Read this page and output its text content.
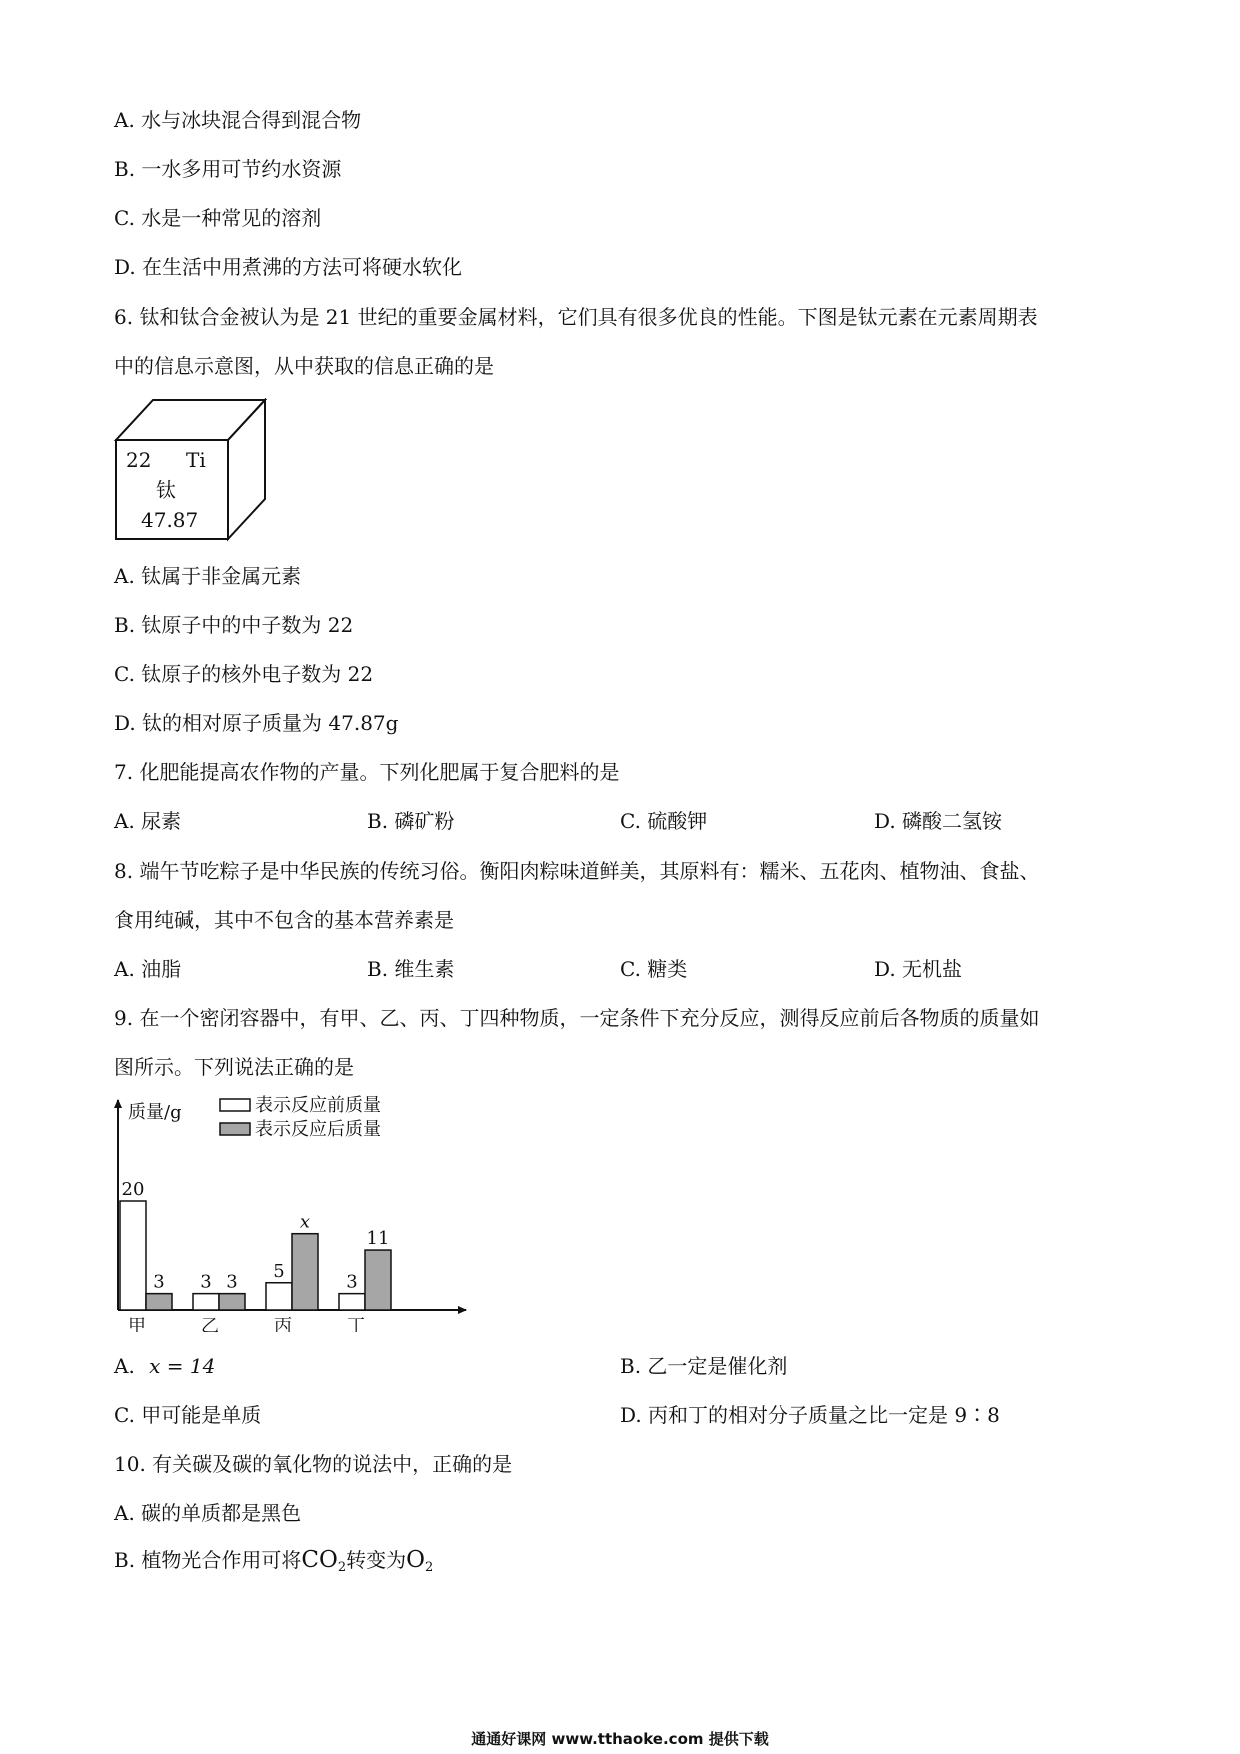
A. 水与冰块混合得到混合物
B. 一水多用可节约水资源
C. 水是一种常见的溶剂
D. 在生活中用煮沸的方法可将硬水软化
6. 钛和钛合金被认为是 21 世纪的重要金属材料，它们具有很多优良的性能。下图是钛元素在元素周期表
中的信息示意图，从中获取的信息正确的是
22 Ti
钛
47.87
A. 钛属于非金属元素
B. 钛原子中的中子数为 22
C. 钛原子的核外电子数为 22
D. 钛的相对原子质量为 47.87g
7. 化肥能提高农作物的产量。下列化肥属于复合肥料的是
A. 尿素	B. 磷矿粉	C. 硫酸钾	D. 磷酸二氢铵
8. 端午节吃粽子是中华民族的传统习俗。衡阳肉粽味道鲜美，其原料有：糯米、五花肉、植物油、食盐、
食用纯碱，其中不包含的基本营养素是
A. 油脂	B. 维生素	C. 糖类	D. 无机盐
9. 在一个密闭容器中，有甲、乙、丙、丁四种物质，一定条件下充分反应，测得反应前后各物质的质量如
图所示。下列说法正确的是
质量/g	表示反应前质量
表示反应后质量
20
3
甲
3 3
乙
5
x
丙
3
11
丁
A. x = 14	B. 乙一定是催化剂
C. 甲可能是单质	D. 丙和丁的相对分子质量之比一定是 9∶8
10. 有关碳及碳的氧化物的说法中，正确的是
A. 碳的单质都是黑色
B. 植物光合作用可将$CO_2$转变为$O_2$
通通好课网 www.tthaoke.com 提供下载
